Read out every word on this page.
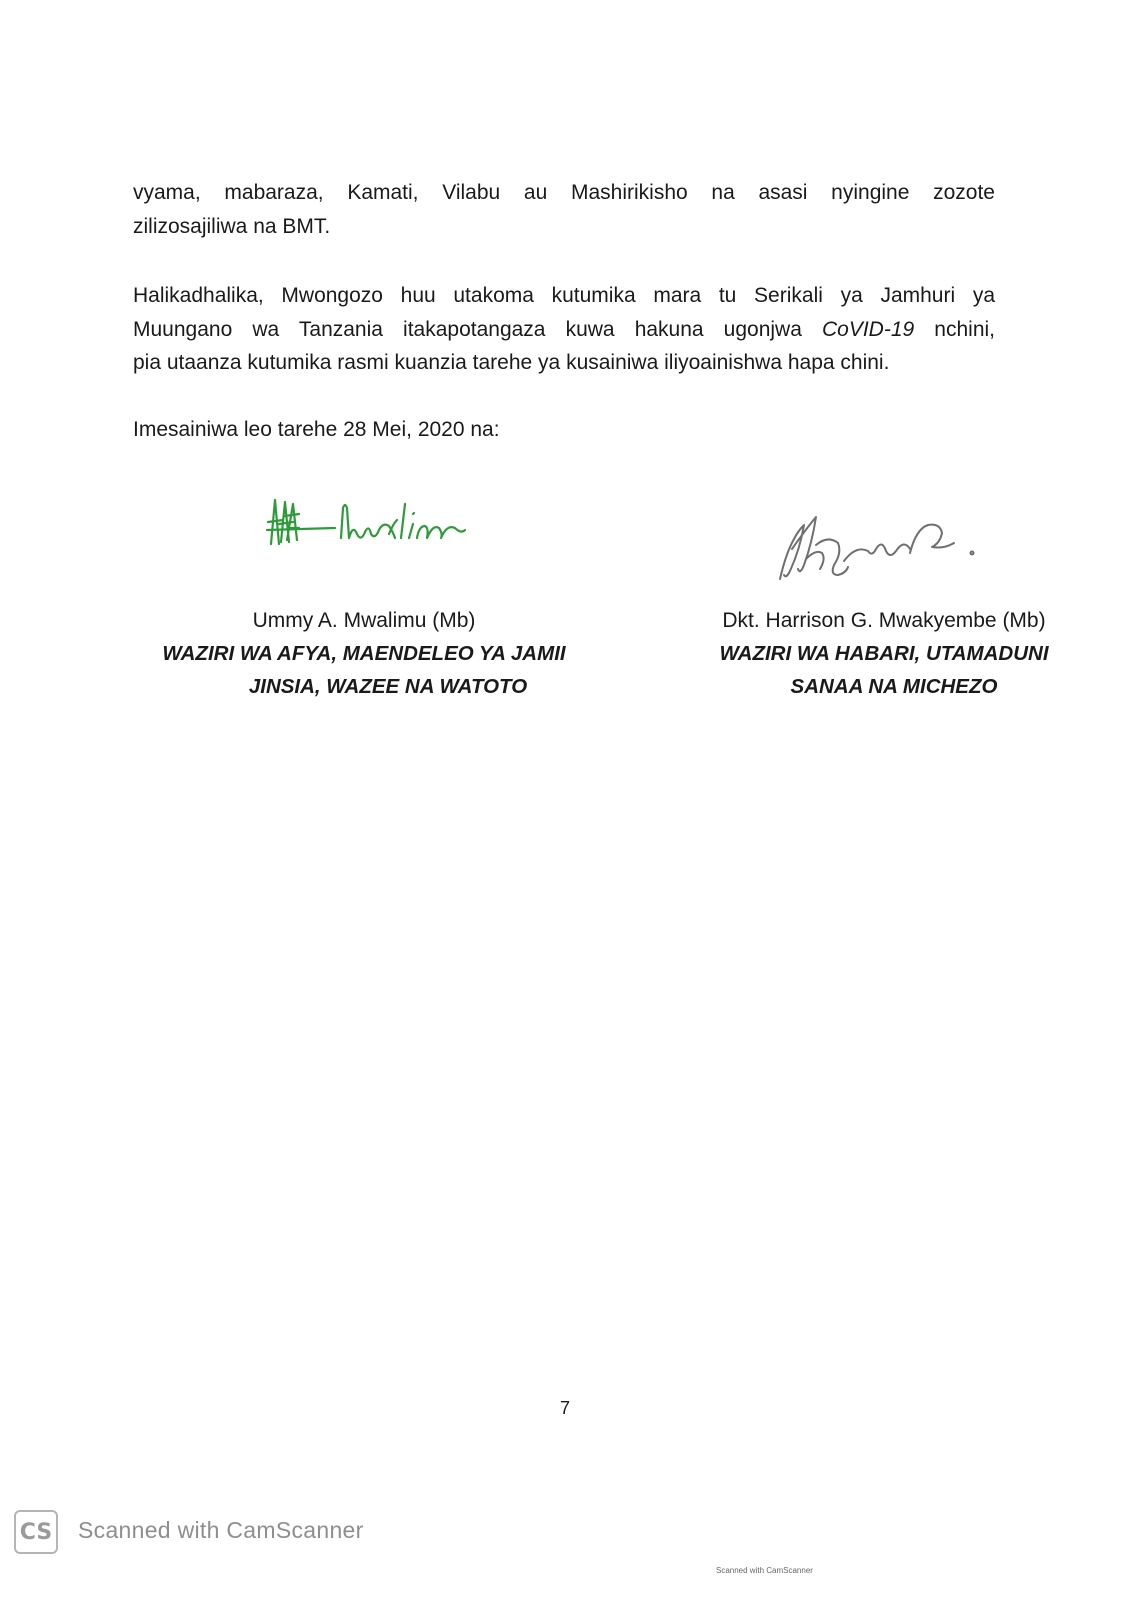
vyama, mabaraza, Kamati, Vilabu au Mashirikisho na asasi nyingine zozote
zilizosajiliwa na BMT.
Halikadhalika, Mwongozo huu utakoma kutumika mara tu Serikali ya Jamhuri ya
Muungano wa Tanzania itakapotangaza kuwa hakuna ugonjwa CoVID-19 nchini,
pia utaanza kutumika rasmi kuanzia tarehe ya kusainiwa iliyoainishwa hapa chini.
Imesainiwa leo tarehe 28 Mei, 2020 na:
Ummy A. Mwalimu (Mb)
WAZIRI WA AFYA, MAENDELEO YA JAMII
JINSIA, WAZEE NA WATOTO
Dkt. Harrison G. Mwakyembe (Mb)
WAZIRI WA HABARI, UTAMADUNI
SANAA NA MICHEZO
7
CS Scanned with CamScanner
Scanned with CamScanner
